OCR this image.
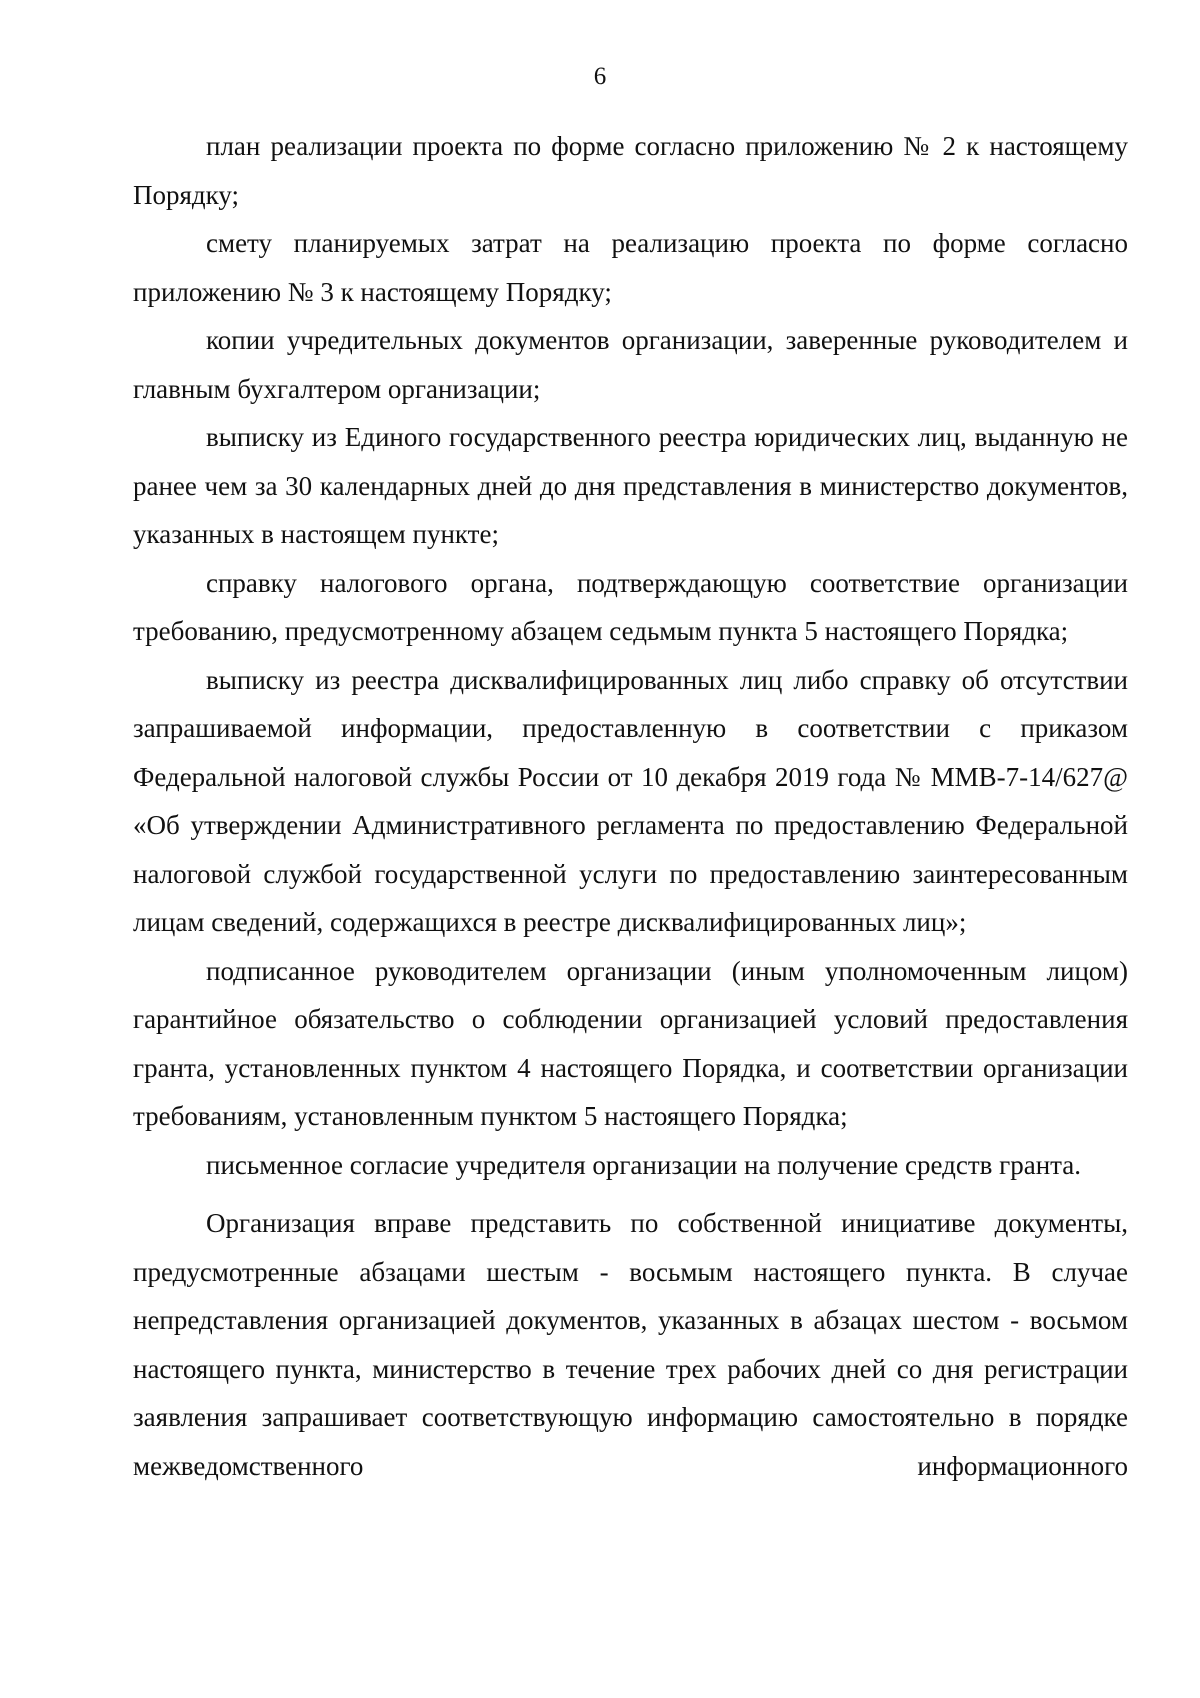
6

план реализации проекта по форме согласно приложению № 2 к настоящему Порядку;

смету планируемых затрат на реализацию проекта по форме согласно приложению № 3 к настоящему Порядку;

копии учредительных документов организации, заверенные руководителем и главным бухгалтером организации;

выписку из Единого государственного реестра юридических лиц, выданную не ранее чем за 30 календарных дней до дня представления в министерство документов, указанных в настоящем пункте;

справку налогового органа, подтверждающую соответствие организации требованию, предусмотренному абзацем седьмым пункта 5 настоящего Порядка;

выписку из реестра дисквалифицированных лиц либо справку об отсутствии запрашиваемой информации, предоставленную в соответствии с приказом Федеральной налоговой службы России от 10 декабря 2019 года № ММВ-7-14/627@ «Об утверждении Административного регламента по предоставлению Федеральной налоговой службой государственной услуги по предоставлению заинтересованным лицам сведений, содержащихся в реестре дисквалифицированных лиц»;

подписанное руководителем организации (иным уполномоченным лицом) гарантийное обязательство о соблюдении организацией условий предоставления гранта, установленных пунктом 4 настоящего Порядка, и соответствии организации требованиям, установленным пунктом 5 настоящего Порядка;

письменное согласие учредителя организации на получение средств гранта.

Организация вправе представить по собственной инициативе документы, предусмотренные абзацами шестым - восьмым настоящего пункта. В случае непредставления организацией документов, указанных в абзацах шестом - восьмом настоящего пункта, министерство в течение трех рабочих дней со дня регистрации заявления запрашивает соответствующую информацию самостоятельно в порядке межведомственного информационного
